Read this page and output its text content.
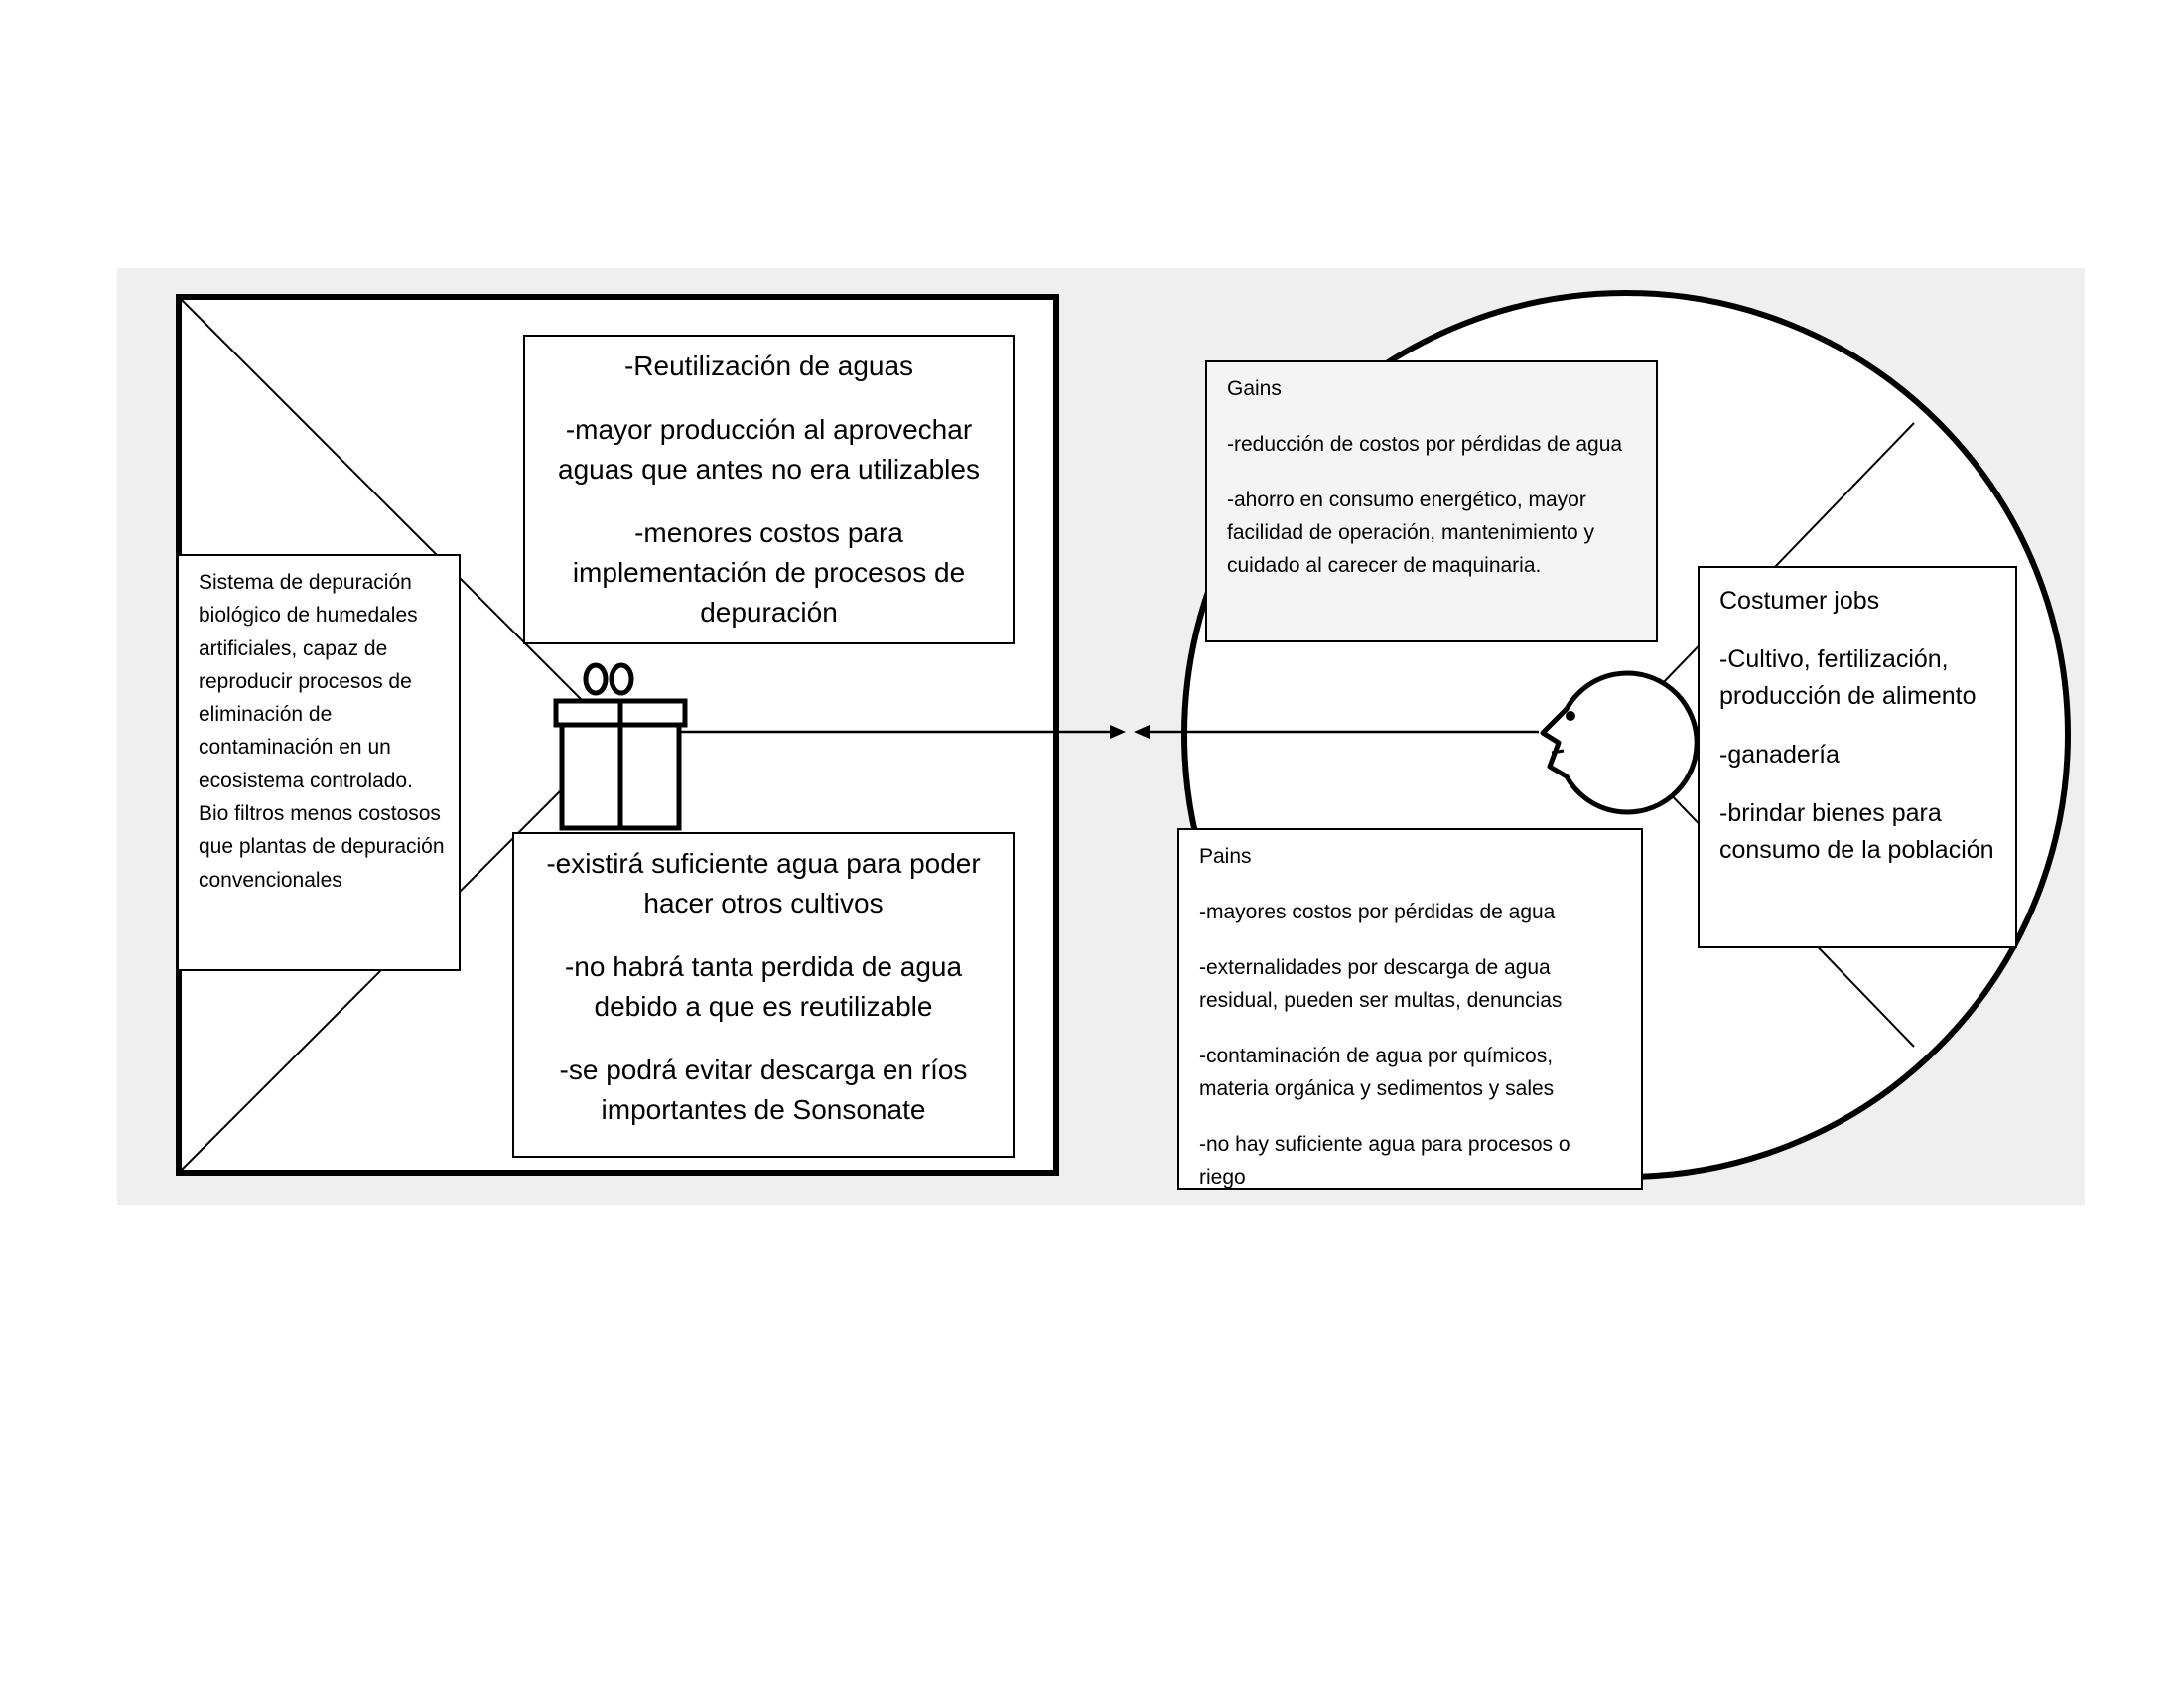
-Reutilización de aguas

-mayor producción al aprovechar aguas que antes no era utilizables

-menores costos para implementación de procesos de depuración

Sistema de depuración biológico de humedales artificiales, capaz de reproducir procesos de eliminación de contaminación en un ecosistema controlado. Bio filtros menos costosos que plantas de depuración convencionales

-existirá suficiente agua para poder hacer otros cultivos

-no habrá tanta perdida de agua debido a que es reutilizable

-se podrá evitar descarga en ríos importantes de Sonsonate

Gains

-reducción de costos por pérdidas de agua

-ahorro en consumo energético, mayor facilidad de operación, mantenimiento y cuidado al carecer de maquinaria.

Costumer jobs

-Cultivo, fertilización, producción de alimento

-ganadería

-brindar bienes para consumo de la población

Pains

-mayores costos por pérdidas de agua

-externalidades por descarga de agua residual, pueden ser multas, denuncias

-contaminación de agua por químicos, materia orgánica y sedimentos y sales

-no hay suficiente agua para procesos o riego
